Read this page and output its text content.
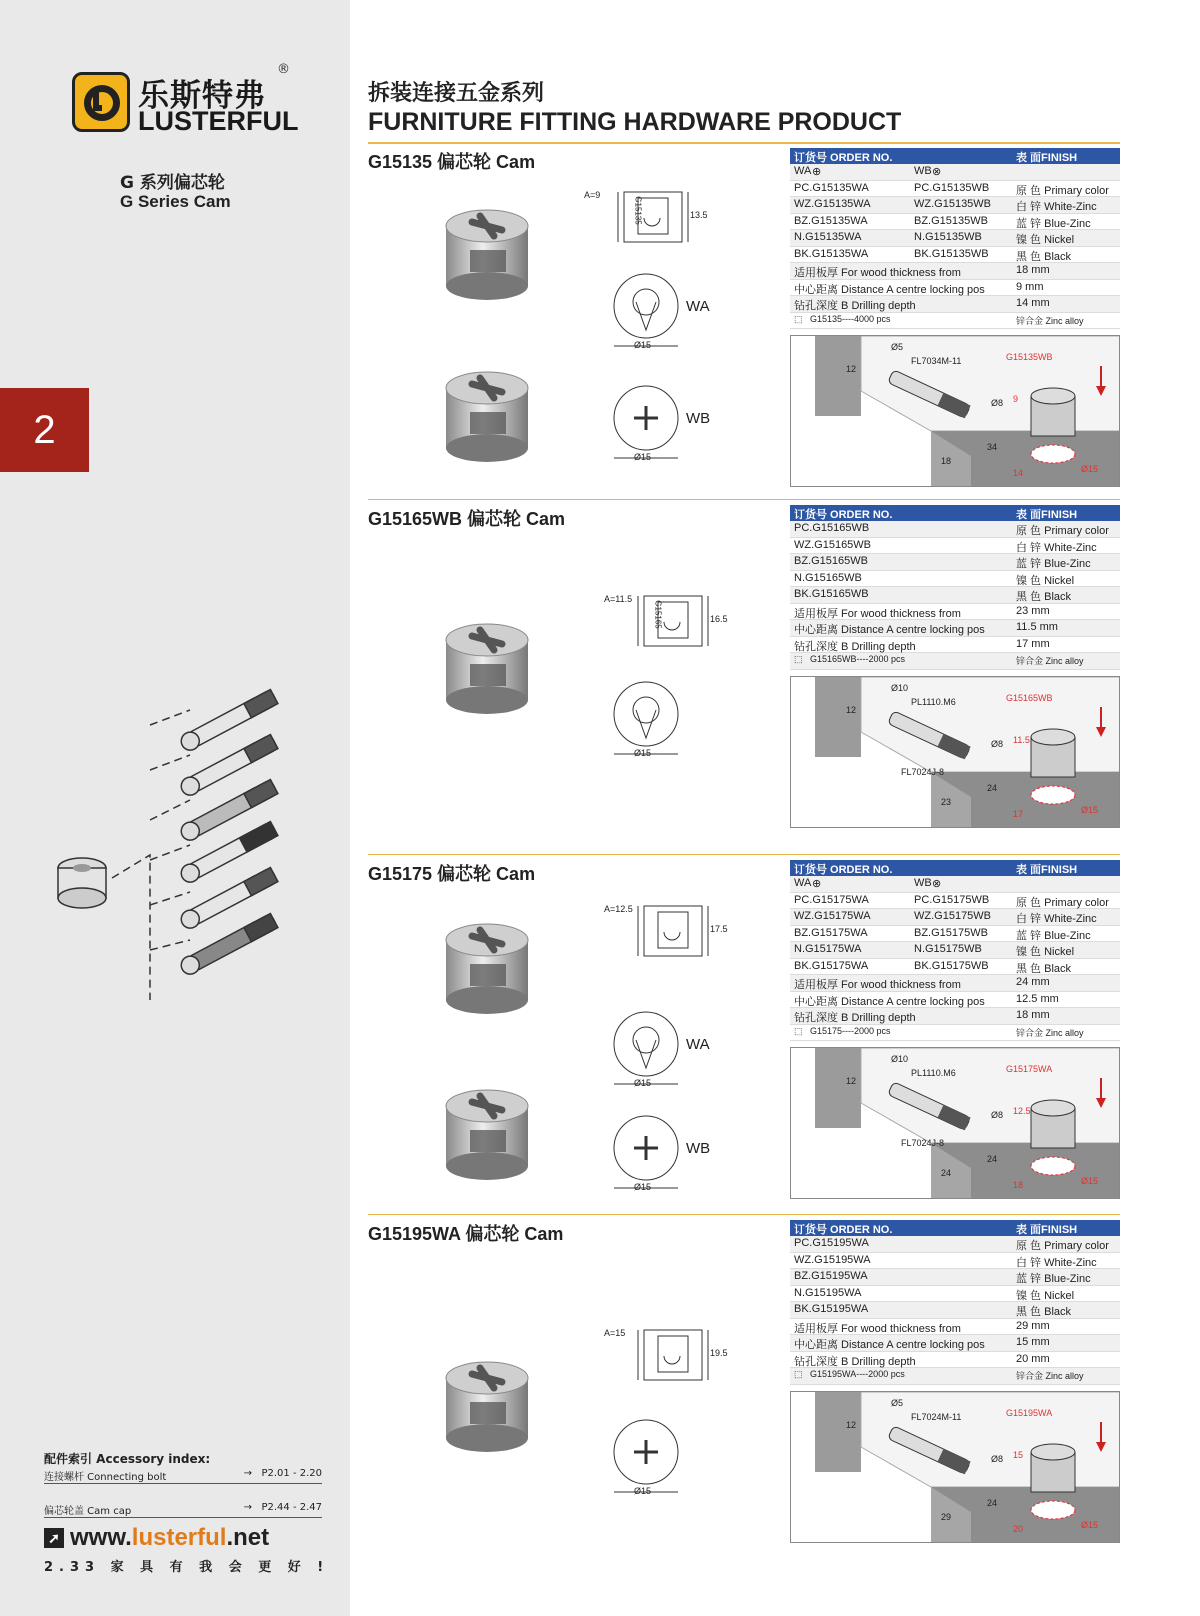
乐斯特弗
®
LUSTERFUL
G 系列偏芯轮
G Series Cam
2
配件索引 Accessory index:
连接螺杆 Connecting bolt	→ P2.01 - 2.20
偏芯轮盖 Cam cap	→ P2.44 - 2.47
➚ www.lusterful.net
2.33 家 具 有 我 会 更 好 !
拆装连接五金系列
FURNITURE FITTING HARDWARE PRODUCT
G15135 偏芯轮 Cam	订货号 ORDER NO.	表 面FINISH
WA ⊕	WB ⊗
PC.G15135WA	PC.G15135WB 原 色 Primary color
WZ.G15135WA	WZ.G15135WB 白 锌 White-Zinc
BZ.G15135WA	BZ.G15135WB	蓝 锌 Blue-Zinc
N.G15135WA	N.G15135WB	镍 色 Nickel
BK.G15135WA	BK.G15135WB 黑 色 Black
适用板厚 For wood thickness from	18 mm
中心距离 Distance A centre locking pos	9 mm
钻孔深度 B Drilling depth	14 mm
⬚ G15135----4000 pcs	锌合金 Zinc alloy
FL7034M-11	G15135WB
Ø5
Ø8
12
9
34
18
14	Ø15
G15165WB 偏芯轮 Cam	订货号 ORDER NO.	表 面FINISH
PC.G15165WB	原 色 Primary color
WZ.G15165WB	白 锌 White-Zinc
BZ.G15165WB	蓝 锌 Blue-Zinc
N.G15165WB	镍 色 Nickel
BK.G15165WB	黑 色 Black
适用板厚 For wood thickness from	23 mm
中心距离 Distance A centre locking pos	11.5 mm
钻孔深度 B Drilling depth	17 mm
⬚ G15165WB----2000 pcs	锌合金 Zinc alloy
PL1110.M6
FL7024J-8
G15165WB
Ø10
Ø8
12
11.5
24
23
17	Ø15
G15175 偏芯轮 Cam	订货号 ORDER NO.	表 面FINISH
WA ⊕	WB ⊗
PC.G15175WA	PC.G15175WB 原 色 Primary color
WZ.G15175WA	WZ.G15175WB 白 锌 White-Zinc
BZ.G15175WA	BZ.G15175WB	蓝 锌 Blue-Zinc
N.G15175WA	N.G15175WB	镍 色 Nickel
BK.G15175WA	BK.G15175WB 黑 色 Black
适用板厚 For wood thickness from	24 mm
中心距离 Distance A centre locking pos	12.5 mm
钻孔深度 B Drilling depth	18 mm
⬚ G15175----2000 pcs	锌合金 Zinc alloy
PL1110.M6
FL7024J-8
G15175WA
Ø10
Ø8
12
12.5
24
24
18	Ø15
G15195WA 偏芯轮 Cam	订货号 ORDER NO.	表 面FINISH
PC.G15195WA	原 色 Primary color
WZ.G15195WA	白 锌 White-Zinc
BZ.G15195WA	蓝 锌 Blue-Zinc
N.G15195WA	镍 色 Nickel
BK.G15195WA	黑 色 Black
适用板厚 For wood thickness from	29 mm
中心距离 Distance A centre locking pos	15 mm
钻孔深度 B Drilling depth	20 mm
⬚ G15195WA----2000 pcs	锌合金 Zinc alloy
FL7024M-11	G15195WA
Ø5
Ø8
12
15
24
29
20	Ø15
A=9
13.5
G15135
Ø15
WA
Ø15
WB
A=11.5
16.5
G15165
Ø15
A=12.5
17.5
Ø15
WA
Ø15
WB
A=15
19.5
Ø15
